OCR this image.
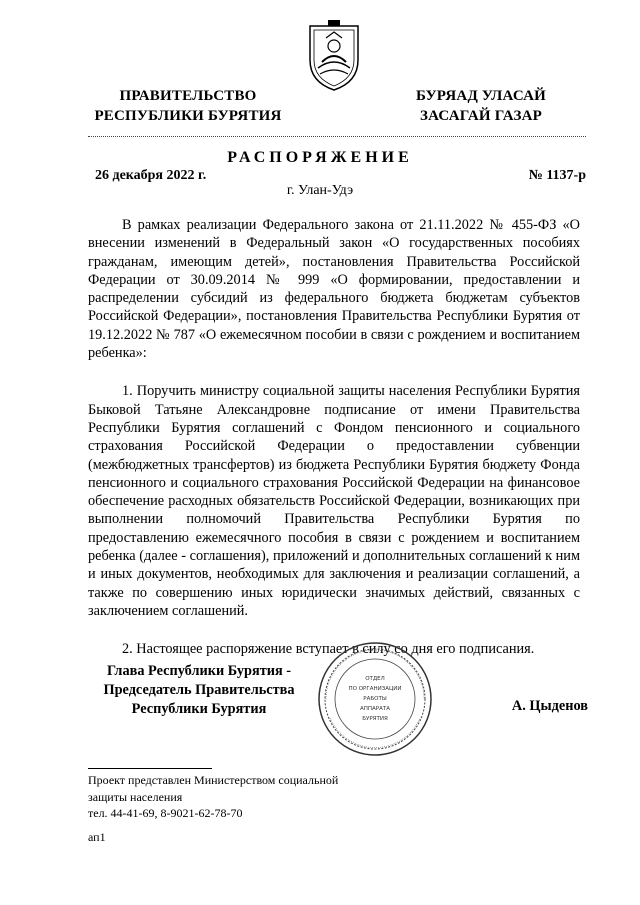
ПРАВИТЕЛЬСТВО
РЕСПУБЛИКИ БУРЯТИЯ
БУРЯАД УЛАСАЙ
ЗАСАГАЙ ГАЗАР
РАСПОРЯЖЕНИЕ
26 декабря 2022 г.	№ 1137-р
г. Улан-Удэ

В рамках реализации Федерального закона от 21.11.2022 № 455-ФЗ «О внесении изменений в Федеральный закон «О государственных пособиях гражданам, имеющим детей», постановления Правительства Российской Федерации от 30.09.2014 № 999 «О формировании, предоставлении и распределении субсидий из федерального бюджета бюджетам субъектов Российской Федерации», постановления Правительства Республики Бурятия от 19.12.2022 № 787 «О ежемесячном пособии в связи с рождением и воспитанием ребенка»:

1. Поручить министру социальной защиты населения Республики Бурятия Быковой Татьяне Александровне подписание от имени Правительства Республики Бурятия соглашений с Фондом пенсионного и социального страхования Российской Федерации о предоставлении субвенции (межбюджетных трансфертов) из бюджета Республики Бурятия бюджету Фонда пенсионного и социального страхования Российской Федерации на финансовое обеспечение расходных обязательств Российской Федерации, возникающих при выполнении полномочий Правительства Республики Бурятия по предоставлению ежемесячного пособия в связи с рождением и воспитанием ребенка (далее - соглашения), приложений и дополнительных соглашений к ним и иных документов, необходимых для заключения и реализации соглашений, а также по совершению иных юридически значимых действий, связанных с заключением соглашений.

2. Настоящее распоряжение вступает в силу со дня его подписания.

Глава Республики Бурятия -
Председатель Правительства
Республики Бурятия
ОТДЕЛ
ПО ОРГАНИЗАЦИИ
РАБОТЫ
АППАРАТА
БУРЯТИЯ
А. Цыденов
Проект представлен Министерством социальной
защиты населения
тел. 44-41-69, 8-9021-62-78-70
ап1
